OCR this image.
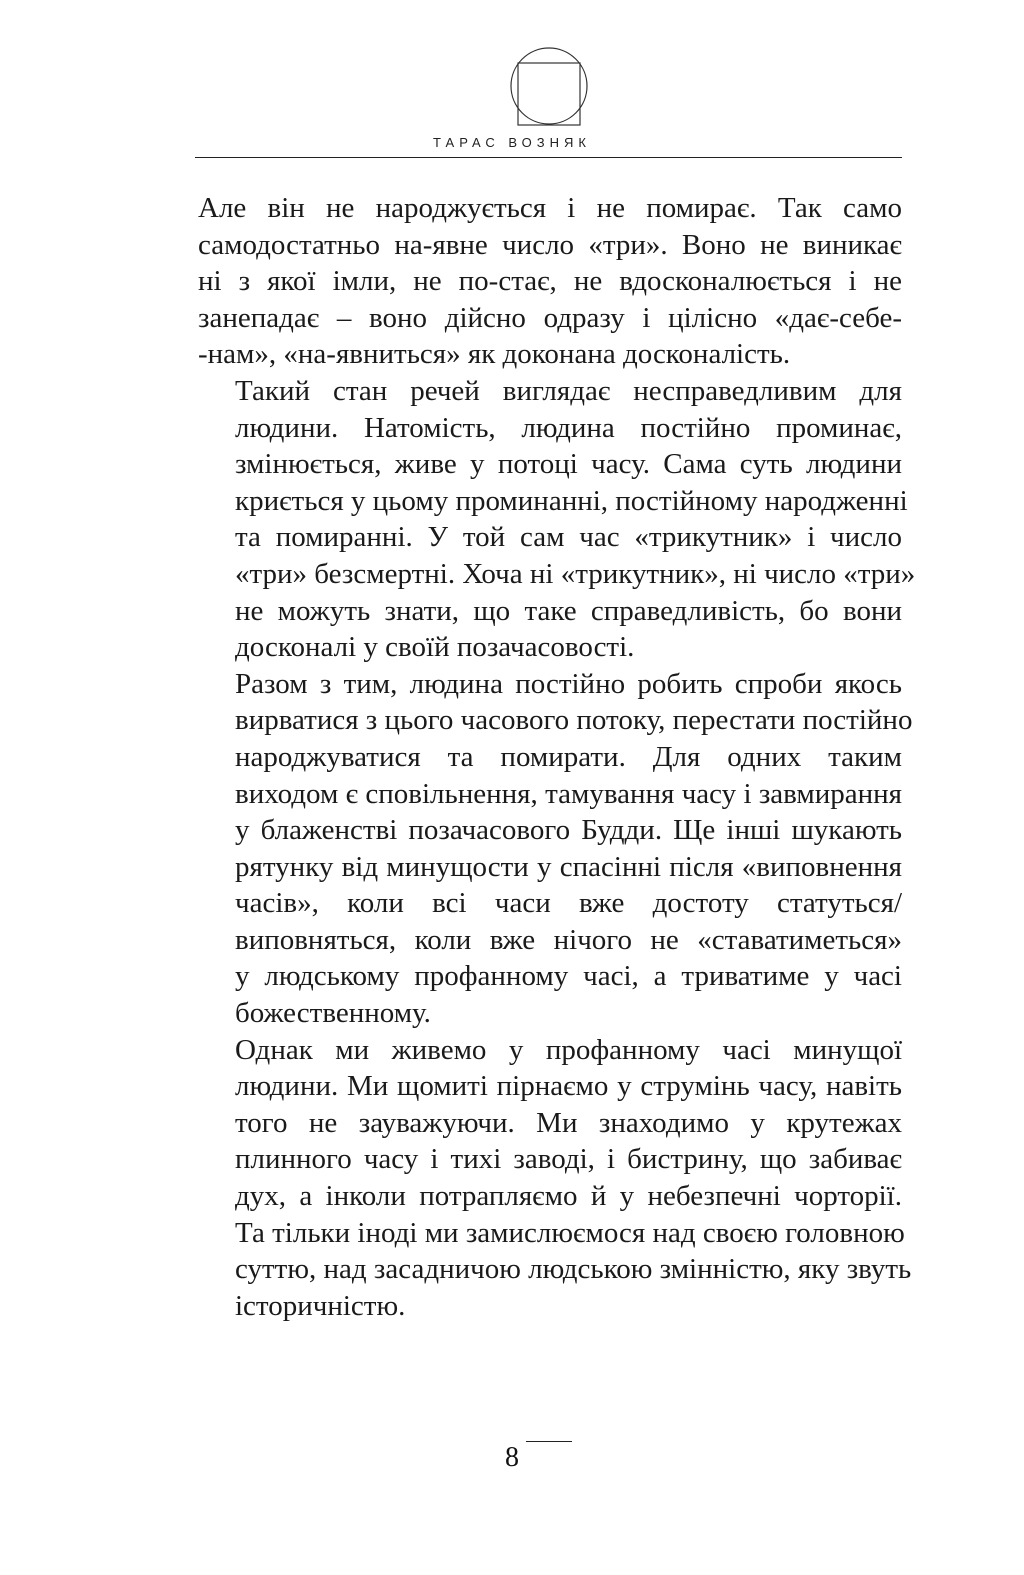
ТАРАС ВОЗНЯК

Але він не народжується і не помирає. Так само
самодостатньо на-явне число «три». Воно не виникає
ні з якої імли, не по-стає, не вдосконалюється і не
занепадає – воно дійсно одразу і цілісно «дає-себе-
-нам», «на-явниться» як доконана досконалість.

Такий стан речей виглядає несправедливим для
людини. Натомість, людина постійно проминає,
змінюється, живе у потоці часу. Сама суть людини
криється у цьому проминанні, постійному народженні
та помиранні. У той сам час «трикутник» і число
«три» безсмертні. Хоча ні «трикутник», ні число «три»
не можуть знати, що таке справедливість, бо вони
досконалі у своїй позачасовості.

Разом з тим, людина постійно робить спроби якось
вирватися з цього часового потоку, перестати постійно
народжуватися та помирати. Для одних таким
виходом є сповільнення, тамування часу і завмирання
у блаженстві позачасового Будди. Ще інші шукають
рятунку від минущости у спасінні після «виповнення
часів», коли всі часи вже достоту статуться/
виповняться, коли вже нічого не «ставатиметься»
у людському профанному часі, а триватиме у часі
божественному.

Однак ми живемо у профанному часі минущої
людини. Ми щомиті пірнаємо у струмінь часу, навіть
того не зауважуючи. Ми знаходимо у крутежах
плинного часу і тихі заводі, і бистрину, що забиває
дух, а інколи потрапляємо й у небезпечні чорторії.
Та тільки іноді ми замислюємося над своєю головною
суттю, над засадничою людською змінністю, яку звуть
історичністю.

8
